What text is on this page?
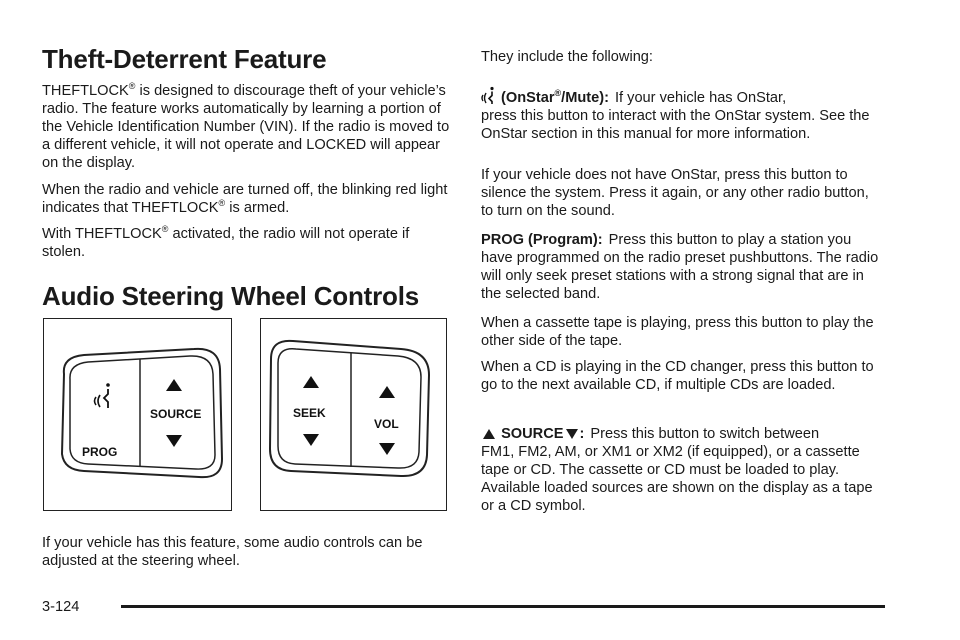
Theft-Deterrent Feature

THEFTLOCK® is designed to discourage theft of your vehicle’s radio. The feature works automatically by learning a portion of the Vehicle Identification Number (VIN). If the radio is moved to a different vehicle, it will not operate and LOCKED will appear on the display.

When the radio and vehicle are turned off, the blinking red light indicates that THEFTLOCK® is armed.

With THEFTLOCK® activated, the radio will not operate if stolen.

Audio Steering Wheel Controls
PROG
SOURCE	SEEK
VOL

If your vehicle has this feature, some audio controls can be adjusted at the steering wheel.

They include the following:

(OnStar®/Mute): If your vehicle has OnStar,
press this button to interact with the OnStar system. See the OnStar section in this manual for more information.

If your vehicle does not have OnStar, press this button to silence the system. Press it again, or any other radio button, to turn on the sound.

PROG (Program): Press this button to play a station you have programmed on the radio preset pushbuttons. The radio will only seek preset stations with a strong signal that are in the selected band.

When a cassette tape is playing, press this button to play the other side of the tape.

When a CD is playing in the CD changer, press this button to go to the next available CD, if multiple CDs are loaded.

SOURCE : Press this button to switch between
FM1, FM2, AM, or XM1 or XM2 (if equipped), or a cassette tape or CD. The cassette or CD must be loaded to play. Available loaded sources are shown on the display as a tape or a CD symbol.

3-124
